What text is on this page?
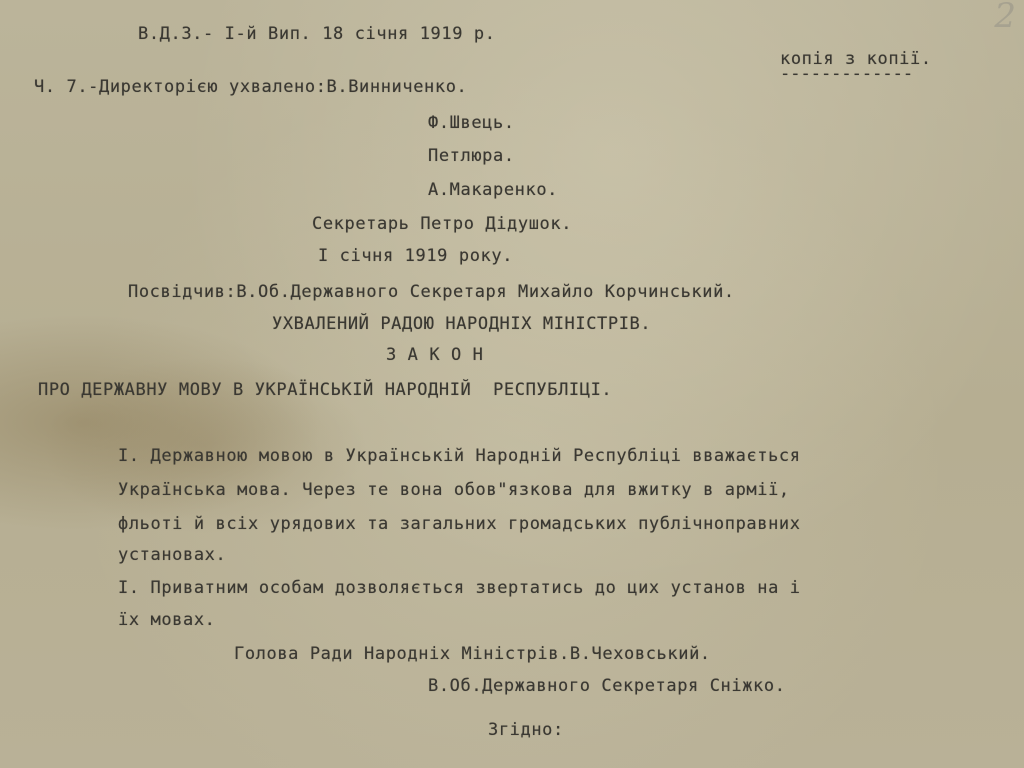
2
В.Д.З.- І-й Вип. 18 січня 1919 р.
копія з копії.
-------------
Ч. 7.-Директорією ухвалено:В.Винниченко.
Ф.Швець.
Петлюра.
А.Макаренко.
Секретарь Петро Дідушок.
І січня 1919 року.
Посвідчив:В.Об.Державного Секретаря Михайло Корчинський.
УХВАЛЕНИЙ РАДОЮ НАРОДНІХ МІНІСТРІВ.
З А К О Н
ПРО ДЕРЖАВНУ МОВУ В УКРАЇНСЬКІЙ НАРОДНІЙ  РЕСПУБЛІЦІ.
І. Державною мовою в Українській Народній Республіці вважається
Українська мова. Через те вона обов"язкова для вжитку в армії,
фльоті й всіх урядових та загальних громадських публічноправних
установах.
І. Приватним особам дозволяється звертатись до цих установ на і
їх мовах.
Голова Ради Народніх Міністрів.В.Чеховський.
В.Об.Державного Секретаря Сніжко.
Згідно:
